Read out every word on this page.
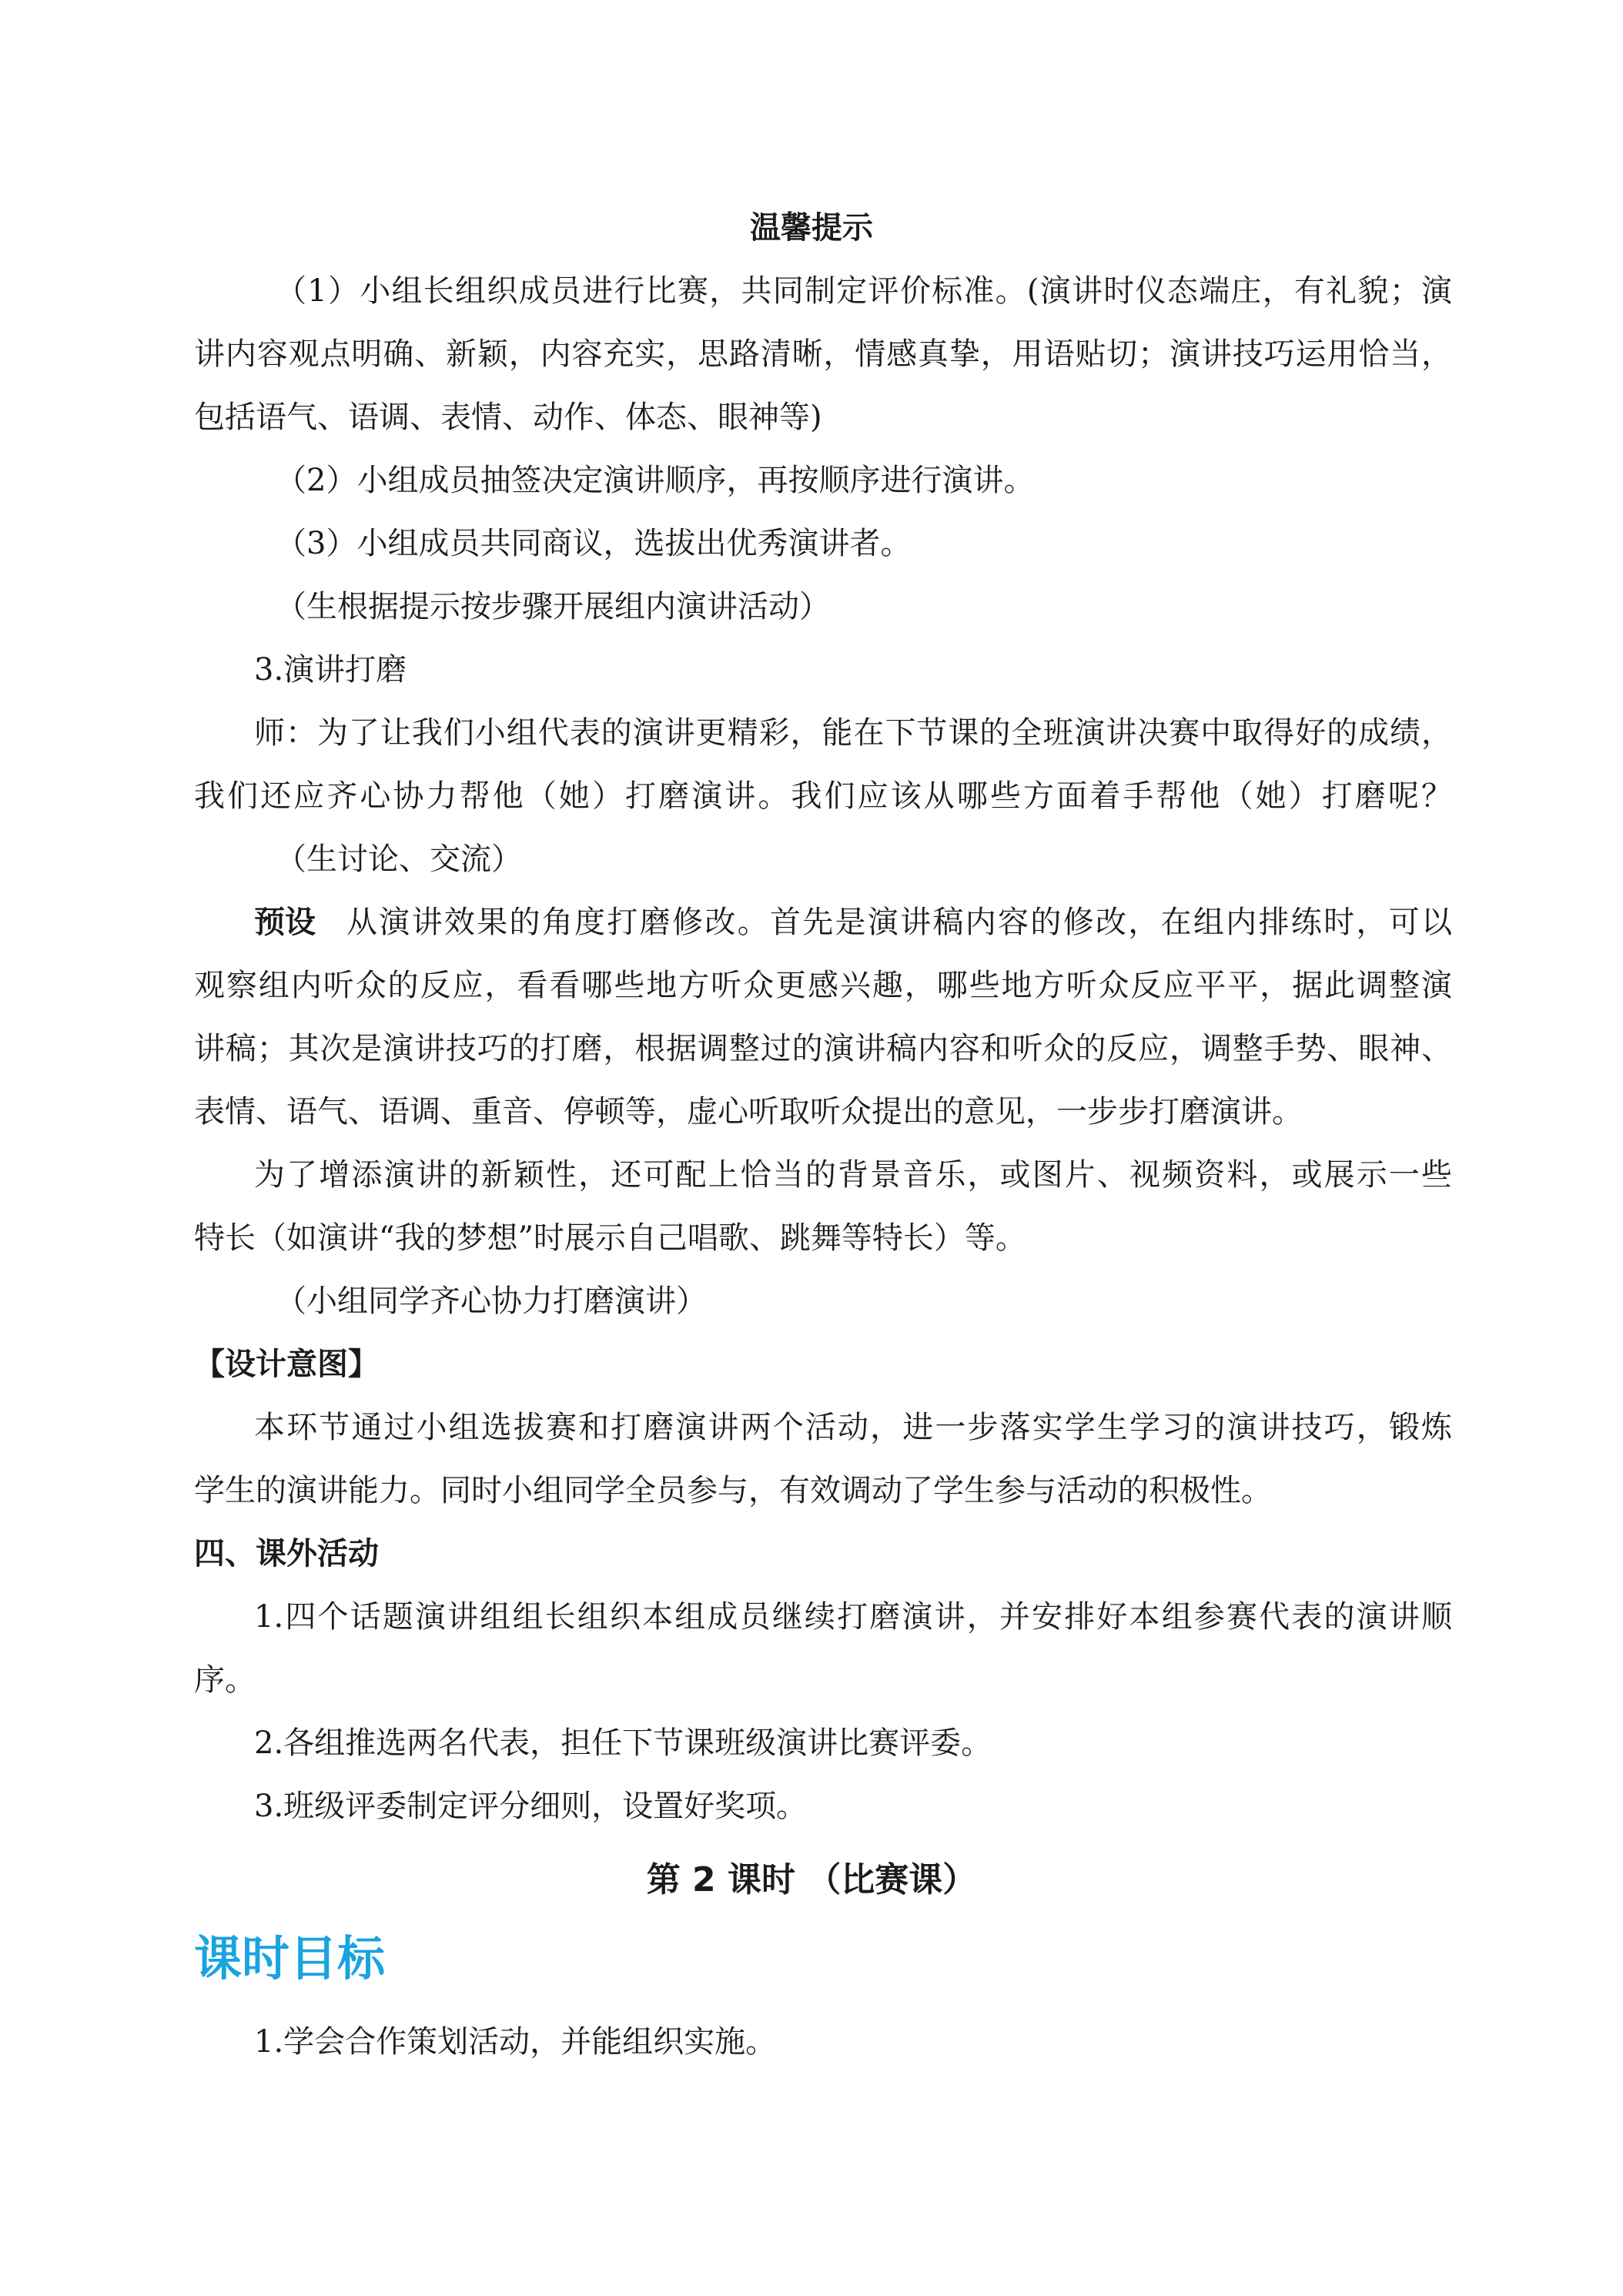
温馨提示
（1）小组长组织成员进行比赛，共同制定评价标准。(演讲时仪态端庄，有礼貌；演
讲内容观点明确、新颖，内容充实，思路清晰，情感真挚，用语贴切；演讲技巧运用恰当，
包括语气、语调、表情、动作、体态、眼神等)
（2）小组成员抽签决定演讲顺序，再按顺序进行演讲。
（3）小组成员共同商议，选拔出优秀演讲者。
（生根据提示按步骤开展组内演讲活动）
3.演讲打磨
师：为了让我们小组代表的演讲更精彩，能在下节课的全班演讲决赛中取得好的成绩，
我们还应齐心协力帮他（她）打磨演讲。我们应该从哪些方面着手帮他（她）打磨呢？
（生讨论、交流）
预设 从演讲效果的角度打磨修改。首先是演讲稿内容的修改，在组内排练时，可以
观察组内听众的反应，看看哪些地方听众更感兴趣，哪些地方听众反应平平，据此调整演
讲稿；其次是演讲技巧的打磨，根据调整过的演讲稿内容和听众的反应，调整手势、眼神、
表情、语气、语调、重音、停顿等，虚心听取听众提出的意见，一步步打磨演讲。
为了增添演讲的新颖性，还可配上恰当的背景音乐，或图片、视频资料，或展示一些
特长（如演讲“我的梦想”时展示自己唱歌、跳舞等特长）等。
（小组同学齐心协力打磨演讲）
【设计意图】
本环节通过小组选拔赛和打磨演讲两个活动，进一步落实学生学习的演讲技巧，锻炼
学生的演讲能力。同时小组同学全员参与，有效调动了学生参与活动的积极性。
四、课外活动
1.四个话题演讲组组长组织本组成员继续打磨演讲，并安排好本组参赛代表的演讲顺
序。
2.各组推选两名代表，担任下节课班级演讲比赛评委。
3.班级评委制定评分细则，设置好奖项。
第 2 课时 （比赛课）
课时目标
1.学会合作策划活动，并能组织实施。
